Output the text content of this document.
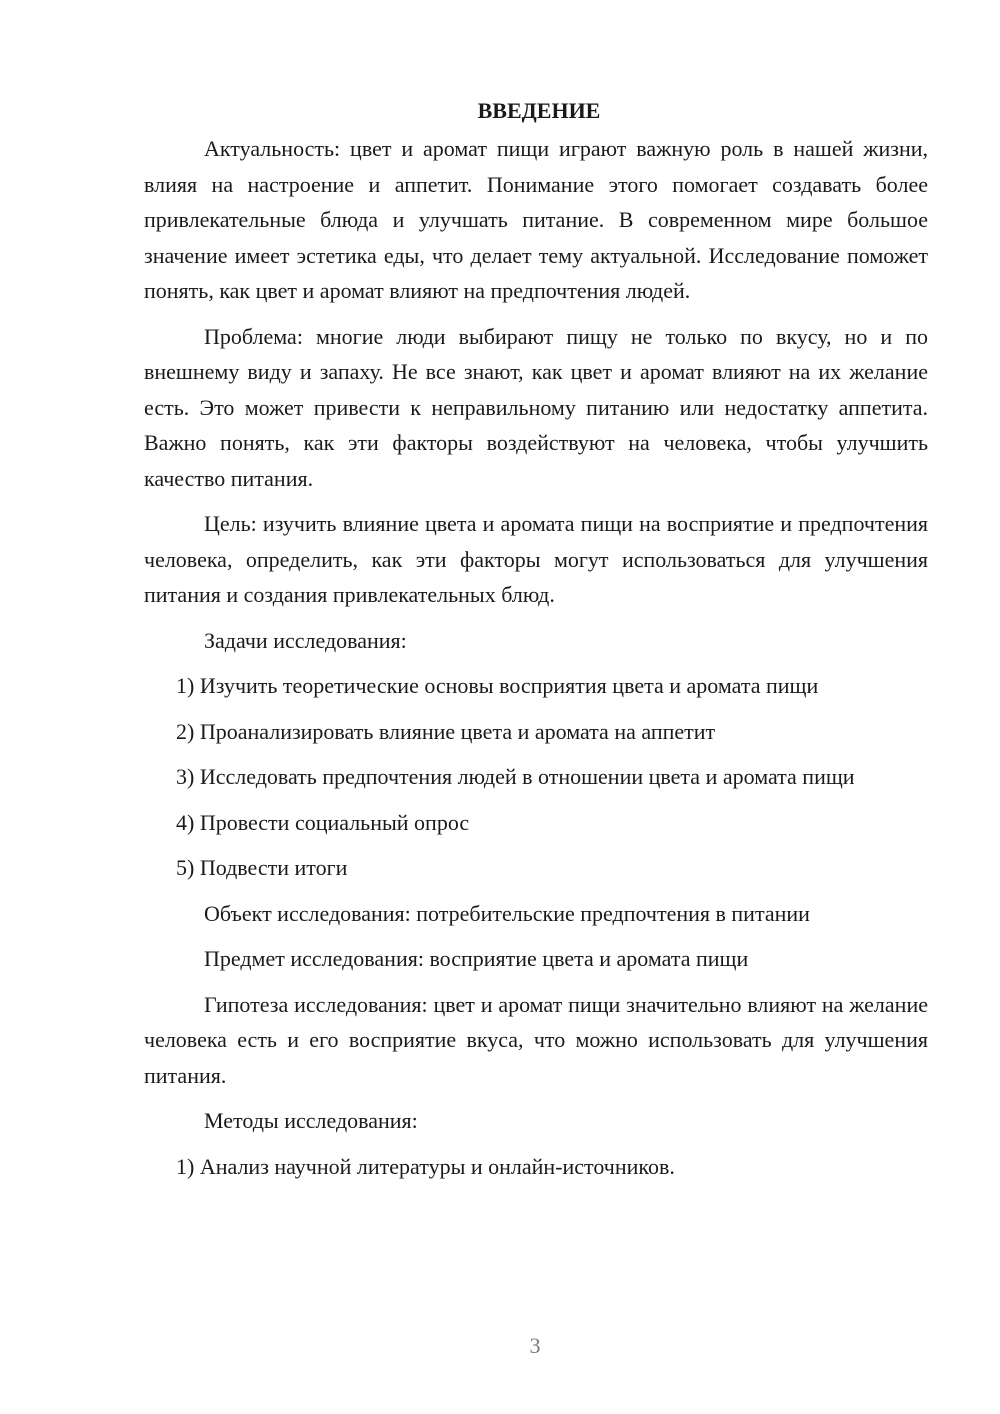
ВВЕДЕНИЕ

Актуальность: цвет и аромат пищи играют важную роль в нашей жизни, влияя на настроение и аппетит. Понимание этого помогает создавать более привлекательные блюда и улучшать питание. В современном мире большое значение имеет эстетика еды, что делает тему актуальной. Исследование поможет понять, как цвет и аромат влияют на предпочтения людей.

Проблема: многие люди выбирают пищу не только по вкусу, но и по внешнему виду и запаху. Не все знают, как цвет и аромат влияют на их желание есть. Это может привести к неправильному питанию или недостатку аппетита. Важно понять, как эти факторы воздействуют на человека, чтобы улучшить качество питания.

Цель: изучить влияние цвета и аромата пищи на восприятие и предпочтения человека, определить, как эти факторы могут использоваться для улучшения питания и создания привлекательных блюд.

Задачи исследования:

1) Изучить теоретические основы восприятия цвета и аромата пищи

2) Проанализировать влияние цвета и аромата на аппетит

3) Исследовать предпочтения людей в отношении цвета и аромата пищи

4) Провести социальный опрос

5) Подвести итоги

Объект исследования: потребительские предпочтения в питании

Предмет исследования: восприятие цвета и аромата пищи

Гипотеза исследования: цвет и аромат пищи значительно влияют на желание человека есть и его восприятие вкуса, что можно использовать для улучшения питания.

Методы исследования:

1) Анализ научной литературы и онлайн-источников.

3
